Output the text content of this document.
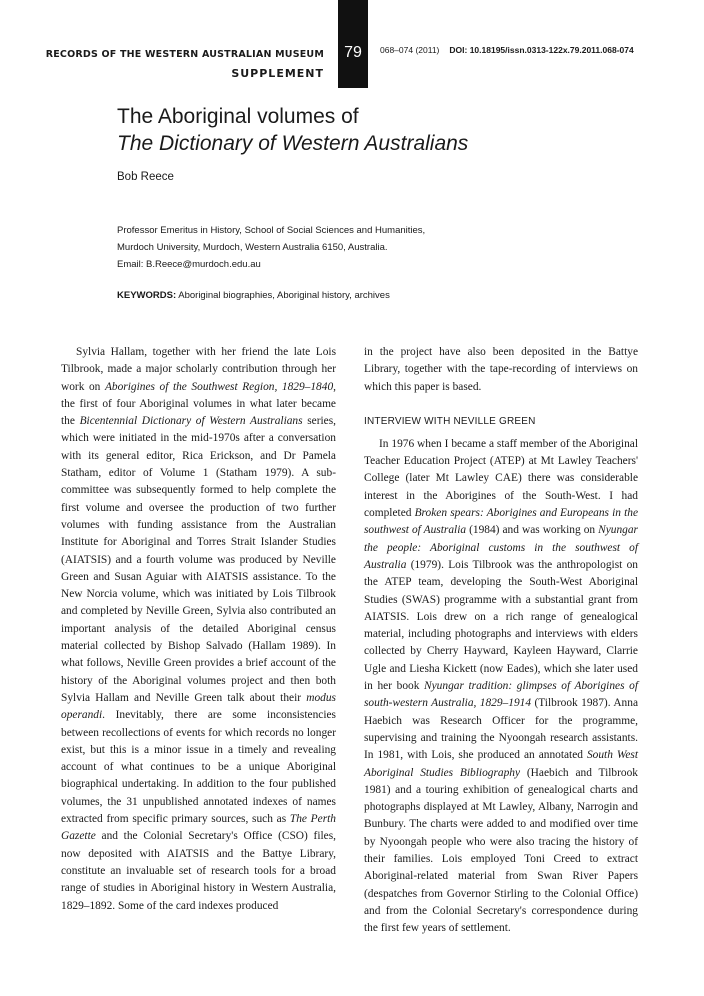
RECORDS OF THE WESTERN AUSTRALIAN MUSEUM
SUPPLEMENT
79	068–074 (2011) DOI: 10.18195/issn.0313-122x.79.2011.068-074
The Aboriginal volumes of
The Dictionary of Western Australians
Bob Reece
Professor Emeritus in History, School of Social Sciences and Humanities,
Murdoch University, Murdoch, Western Australia 6150, Australia.
Email: B.Reece@murdoch.edu.au
KEYWORDS: Aboriginal biographies, Aboriginal history, archives

Sylvia Hallam, together with her friend the late Lois Tilbrook, made a major scholarly contribution through her work on Aborigines of the Southwest Region, 1829–1840, the first of four Aboriginal volumes in what later became the Bicentennial Dictionary of Western Australians series, which were initiated in the mid-1970s after a conversation with its general editor, Rica Erickson, and Dr Pamela Statham, editor of Volume 1 (Statham 1979). A sub-committee was subsequently formed to help complete the first volume and oversee the production of two further volumes with funding assistance from the Australian Institute for Aboriginal and Torres Strait Islander Studies (AIATSIS) and a fourth volume was produced by Neville Green and Susan Aguiar with AIATSIS assistance. To the New Norcia volume, which was initiated by Lois Tilbrook and completed by Neville Green, Sylvia also contributed an important analysis of the detailed Aboriginal census material collected by Bishop Salvado (Hallam 1989). In what follows, Neville Green provides a brief account of the history of the Aboriginal volumes project and then both Sylvia Hallam and Neville Green talk about their modus operandi. Inevitably, there are some inconsistencies between recollections of events for which records no longer exist, but this is a minor issue in a timely and revealing account of what continues to be a unique Aboriginal biographical undertaking. In addition to the four published volumes, the 31 unpublished annotated indexes of names extracted from specific primary sources, such as The Perth Gazette and the Colonial Secretary's Office (CSO) files, now deposited with AIATSIS and the Battye Library, constitute an invaluable set of research tools for a broad range of studies in Aboriginal history in Western Australia, 1829–1892. Some of the card indexes produced

in the project have also been deposited in the Battye Library, together with the tape-recording of interviews on which this paper is based.

INTERVIEW WITH NEVILLE GREEN

In 1976 when I became a staff member of the Aboriginal Teacher Education Project (ATEP) at Mt Lawley Teachers' College (later Mt Lawley CAE) there was considerable interest in the Aborigines of the South-West. I had completed Broken spears: Aborigines and Europeans in the southwest of Australia (1984) and was working on Nyungar the people: Aboriginal customs in the southwest of Australia (1979). Lois Tilbrook was the anthropologist on the ATEP team, developing the South-West Aboriginal Studies (SWAS) programme with a substantial grant from AIATSIS. Lois drew on a rich range of genealogical material, including photographs and interviews with elders collected by Cherry Hayward, Kayleen Hayward, Clarrie Ugle and Liesha Kickett (now Eades), which she later used in her book Nyungar tradition: glimpses of Aborigines of south-western Australia, 1829–1914 (Tilbrook 1987). Anna Haebich was Research Officer for the programme, supervising and training the Nyoongah research assistants. In 1981, with Lois, she produced an annotated South West Aboriginal Studies Bibliography (Haebich and Tilbrook 1981) and a touring exhibition of genealogical charts and photographs displayed at Mt Lawley, Albany, Narrogin and Bunbury. The charts were added to and modified over time by Nyoongah people who were also tracing the history of their families. Lois employed Toni Creed to extract Aboriginal-related material from Swan River Papers (despatches from Governor Stirling to the Colonial Office) and from the Colonial Secretary's correspondence during the first few years of settlement.
